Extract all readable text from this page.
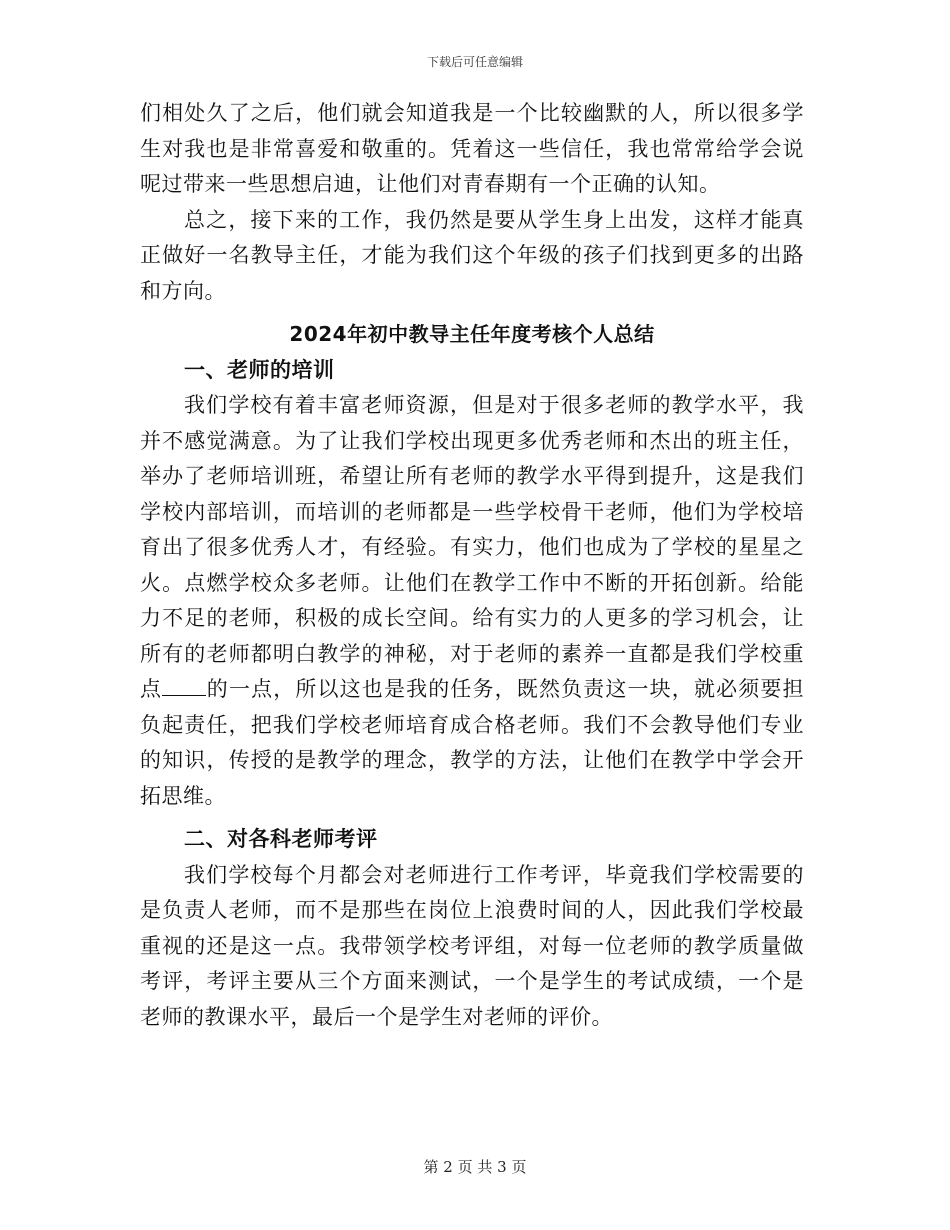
下载后可任意编辑

们相处久了之后，他们就会知道我是一个比较幽默的人，所以很多学生对我也是非常喜爱和敬重的。凭着这一些信任，我也常常给学会说呢过带来一些思想启迪，让他们对青春期有一个正确的认知。

总之，接下来的工作，我仍然是要从学生身上出发，这样才能真正做好一名教导主任，才能为我们这个年级的孩子们找到更多的出路和方向。

2024年初中教导主任年度考核个人总结
一、老师的培训

我们学校有着丰富老师资源，但是对于很多老师的教学水平，我并不感觉满意。为了让我们学校出现更多优秀老师和杰出的班主任，举办了老师培训班，希望让所有老师的教学水平得到提升，这是我们学校内部培训，而培训的老师都是一些学校骨干老师，他们为学校培育出了很多优秀人才，有经验。有实力，他们也成为了学校的星星之火。点燃学校众多老师。让他们在教学工作中不断的开拓创新。给能力不足的老师，积极的成长空间。给有实力的人更多的学习机会，让所有的老师都明白教学的神秘，对于老师的素养一直都是我们学校重点 的一点，所以这也是我的任务，既然负责这一块，就必须要担负起责任，把我们学校老师培育成合格老师。我们不会教导他们专业的知识，传授的是教学的理念，教学的方法，让他们在教学中学会开拓思维。

二、对各科老师考评

我们学校每个月都会对老师进行工作考评，毕竟我们学校需要的是负责人老师，而不是那些在岗位上浪费时间的人，因此我们学校最重视的还是这一点。我带领学校考评组，对每一位老师的教学质量做考评，考评主要从三个方面来测试，一个是学生的考试成绩，一个是老师的教课水平，最后一个是学生对老师的评价。

第 2 页 共 3 页
